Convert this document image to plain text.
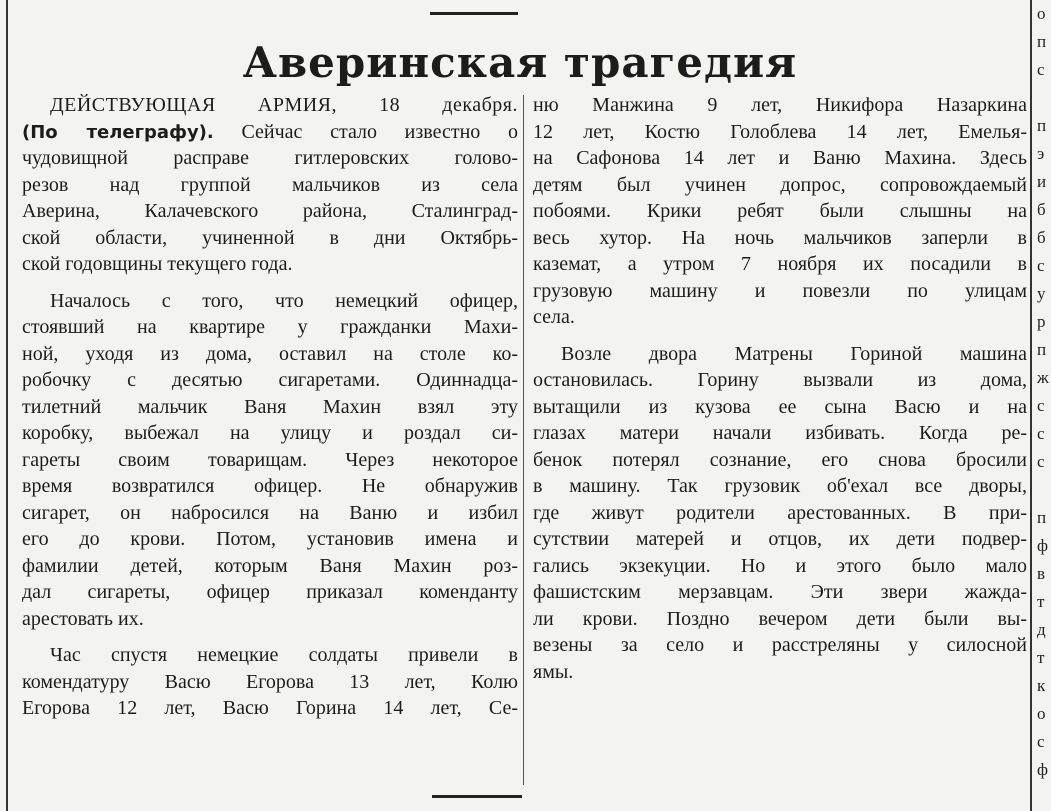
Аверинская трагедия
ДЕЙСТВУЮЩАЯ АРМИЯ, 18 декабря.
(По телеграфу). Сейчас стало известно о
чудовищной расправе гитлеровских голово-
резов над группой мальчиков из села
Аверина, Калачевского района, Сталинград-
ской области, учиненной в дни Октябрь-
ской годовщины текущего года.
Началось с того, что немецкий офицер,
стоявший на квартире у гражданки Махи-
ной, уходя из дома, оставил на столе ко-
робочку с десятью сигаретами. Одиннадца-
тилетний мальчик Ваня Махин взял эту
коробку, выбежал на улицу и роздал си-
гареты своим товарищам. Через некоторое
время возвратился офицер. Не обнаружив
сигарет, он набросился на Ваню и избил
его до крови. Потом, установив имена и
фамилии детей, которым Ваня Махин роз-
дал сигареты, офицер приказал коменданту
арестовать их.
Час спустя немецкие солдаты привели в
комендатуру Васю Егорова 13 лет, Колю
Егорова 12 лет, Васю Горина 14 лет, Се-
ню Манжина 9 лет, Никифора Назаркина
12 лет, Костю Голоблева 14 лет, Емелья-
на Сафонова 14 лет и Ваню Махина. Здесь
детям был учинен допрос, сопровождаемый
побоями. Крики ребят были слышны на
весь хутор. На ночь мальчиков заперли в
каземат, а утром 7 ноября их посадили в
грузовую машину и повезли по улицам
села.
Возле двора Матрены Гориной машина
остановилась. Горину вызвали из дома,
вытащили из кузова ее сына Васю и на
глазах матери начали избивать. Когда ре-
бенок потерял сознание, его снова бросили
в машину. Так грузовик об'ехал все дворы,
где живут родители арестованных. В при-
сутствии матерей и отцов, их дети подвер-
гались экзекуции. Но и этого было мало
фашистским мерзавцам. Эти звери жажда-
ли крови. Поздно вечером дети были вы-
везены за село и расстреляны у силосной
ямы.
о
п
с
п
э
и
б
б
с
у
р
п
ж
с
с
с
п
ф
в
т
д
т
к
о
с
ф
